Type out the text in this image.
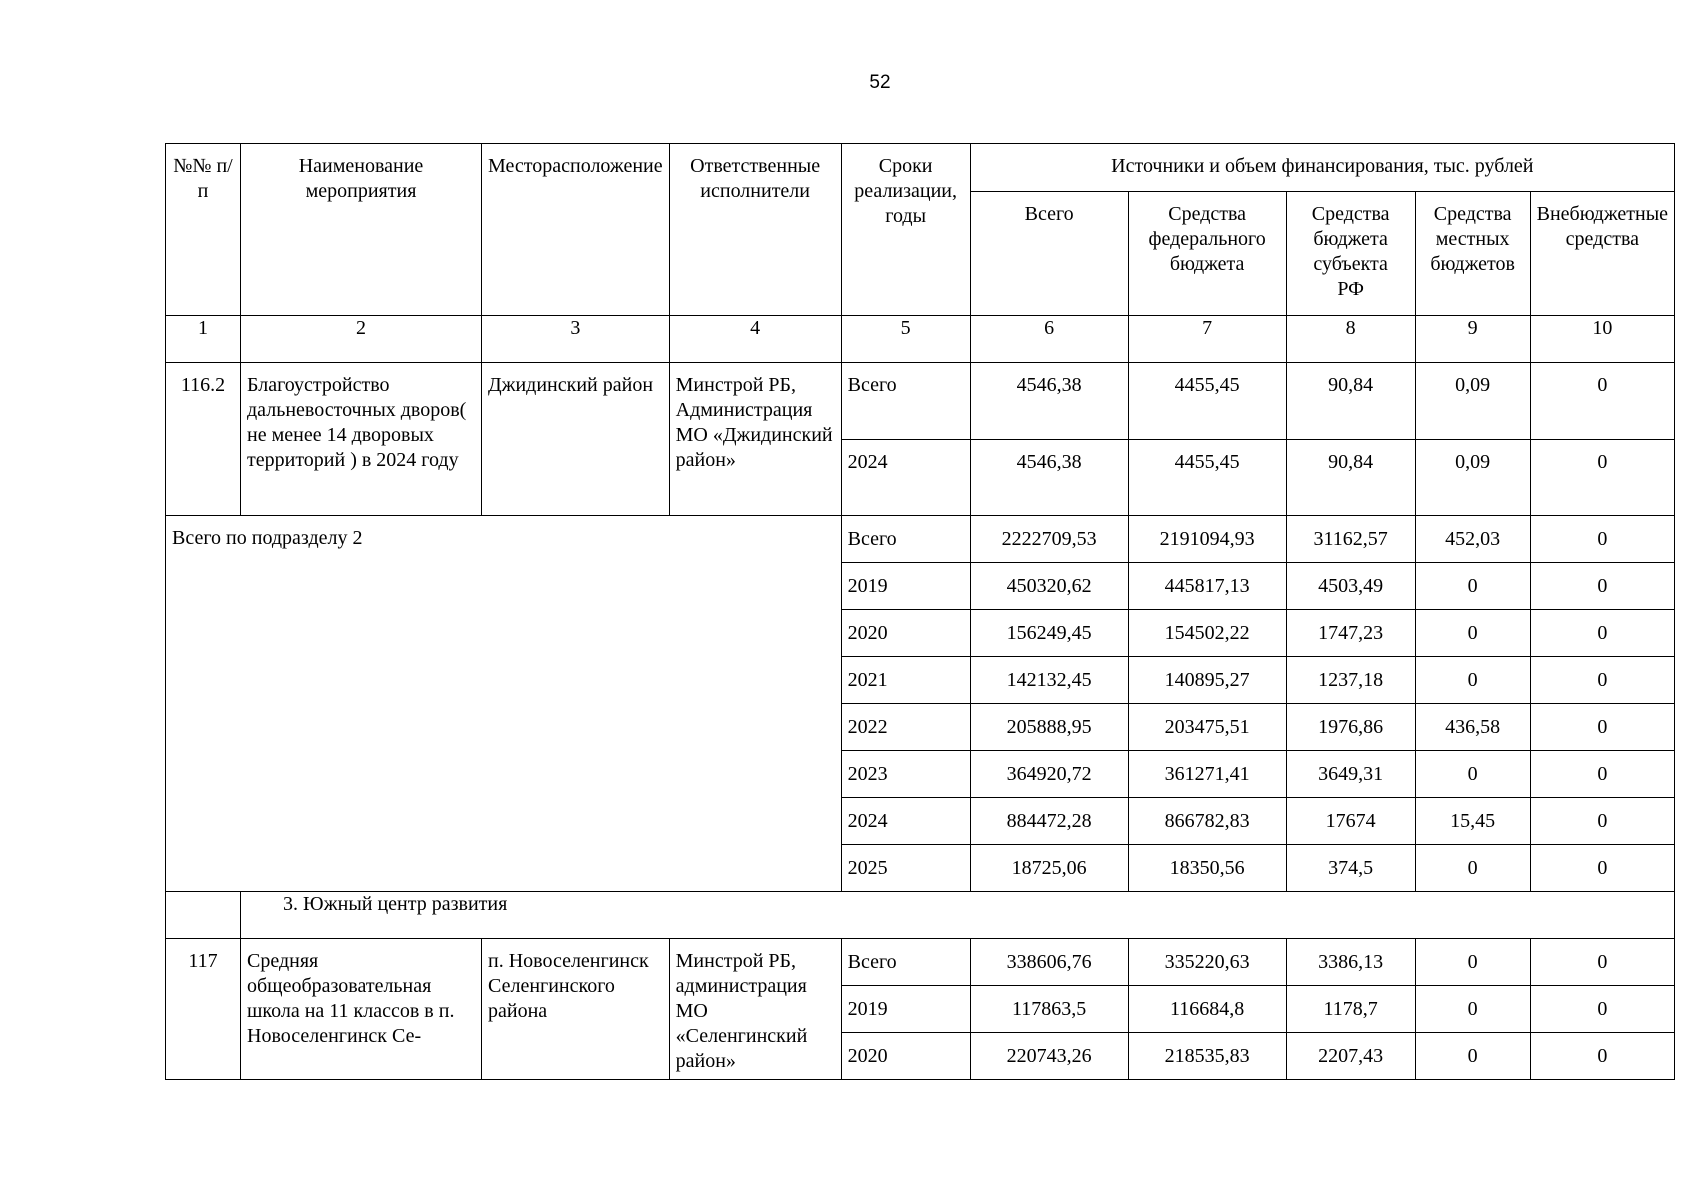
52
№№ п/п	Наименование мероприятия	Месторасположение	Ответственные исполнители	Сроки реализации, годы	Источники и объем финансирования, тыс. рублей				
					Всего	Средства федерального бюджета	Средства бюджета субъекта РФ	Средства местных бюджетов	Внебюджетные средства
1	2	3	4	5	6	7	8	9	10
116.2	Благоустройство дальневосточных дворов( не менее 14 дворовых территорий ) в 2024 году	Джидинский район	Минстрой РБ, Администрация МО «Джидинский район»	Всего	4546,38	4455,45	90,84	0,09	0
				2024	4546,38	4455,45	90,84	0,09	0
Всего по подразделу 2				Всего	2222709,53	2191094,93	31162,57	452,03	0
				2019	450320,62	445817,13	4503,49	0	0
				2020	156249,45	154502,22	1747,23	0	0
				2021	142132,45	140895,27	1237,18	0	0
				2022	205888,95	203475,51	1976,86	436,58	0
				2023	364920,72	361271,41	3649,31	0	0
				2024	884472,28	866782,83	17674	15,45	0
				2025	18725,06	18350,56	374,5	0	0
	3. Южный центр развития								
117	Средняя общеобразовательная школа на 11 классов в п. Новоселенгинск Се-	п. Новоселенгинск Селенгинского района	Минстрой РБ, администрация МО «Селенгинский район»	Всего	338606,76	335220,63	3386,13	0	0
				2019	117863,5	116684,8	1178,7	0	0
				2020	220743,26	218535,83	2207,43	0	0
